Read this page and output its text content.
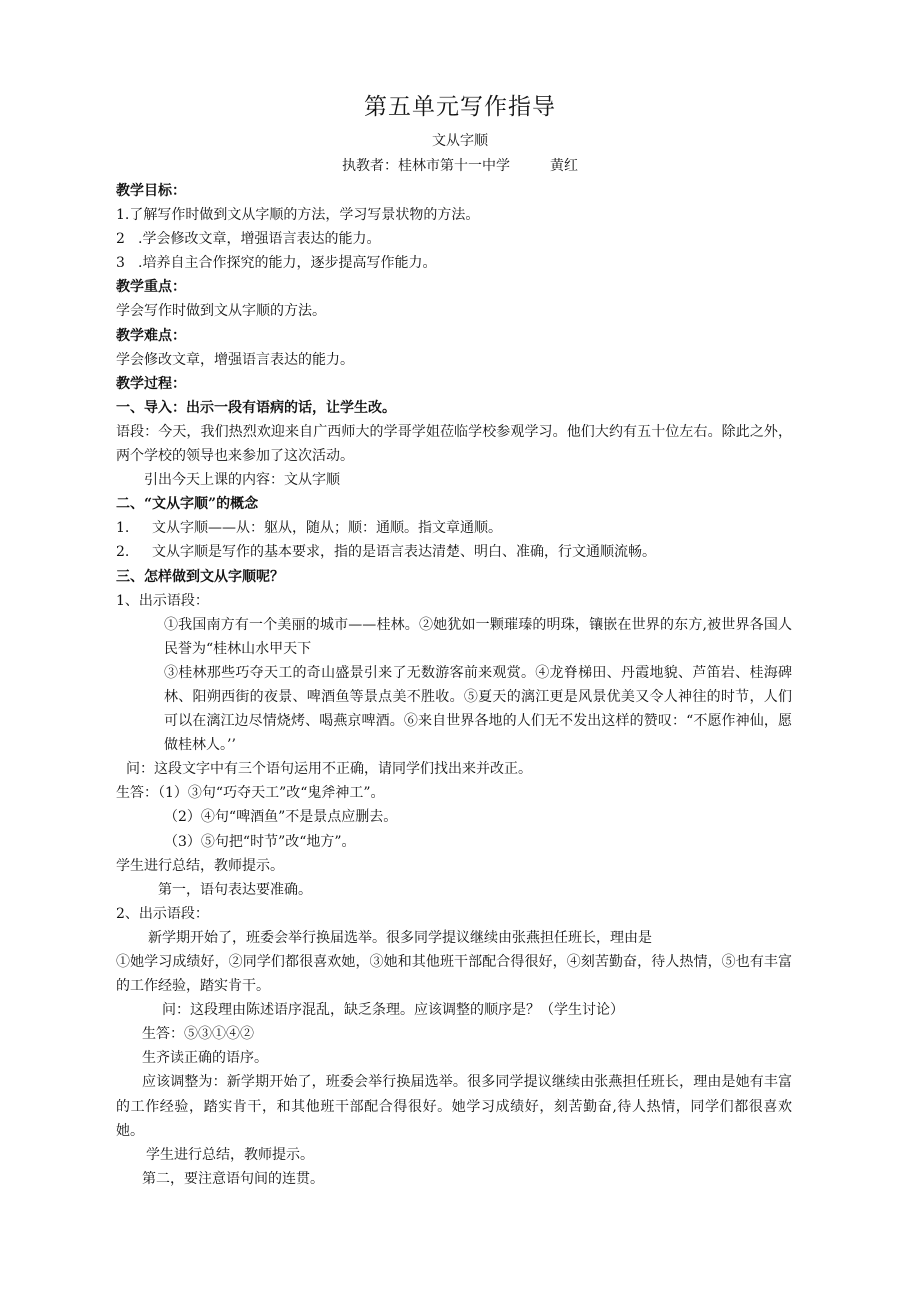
第五单元写作指导
文从字顺
执教者：桂林市第十一中学	黄红

教学目标：

1.了解写作时做到文从字顺的方法，学习写景状物的方法。

2 .学会修改文章，增强语言表达的能力。

3 .培养自主合作探究的能力，逐步提高写作能力。

教学重点：

学会写作时做到文从字顺的方法。

教学难点：

学会修改文章，增强语言表达的能力。

教学过程：

一、导入：出示一段有语病的话，让学生改。

语段：今天，我们热烈欢迎来自广西师大的学哥学姐莅临学校参观学习。他们大约有五十位左右。除此之外，两个学校的领导也来参加了这次活动。

引出今天上课的内容：文从字顺

二、“文从字顺”的概念

1. 文从字顺——从：躯从，随从；顺：通顺。指文章通顺。

2. 文从字顺是写作的基本要求，指的是语言表达清楚、明白、准确，行文通顺流畅。

三、怎样做到文从字顺呢？

1、出示语段：

①我国南方有一个美丽的城市——桂林。②她犹如一颗璀瑧的明珠，镶嵌在世界的东方,被世界各国人民誉为“桂林山水甲天下

③桂林那些巧夺天工的奇山盛景引来了无数游客前来观赏。④龙脊梯田、丹霞地貌、芦笛岩、桂海碑林、阳朔西街的夜景、啤酒鱼等景点美不胜收。⑤夏天的漓江更是风景优美又令人神往的时节，人们可以在漓江边尽情烧烤、喝燕京啤酒。⑥来自世界各地的人们无不发出这样的赞叹：“不愿作神仙，愿做桂林人。’’

问：这段文字中有三个语句运用不正确，请同学们找出来并改正。

生答：（1）③句“巧夺天工”改“鬼斧神工”。

（2）④句“啤酒鱼”不是景点应删去。

（3）⑤句把“时节”改“地方”。

学生进行总结，教师提示。

第一，语句表达要准确。

2、出示语段：

新学期开始了，班委会举行换届选举。很多同学提议继续由张燕担任班长，理由是

①她学习成绩好，②同学们都很喜欢她，③她和其他班干部配合得很好，④刻苦勤奋，待人热情，⑤也有丰富的工作经验，踏实肯干。

问：这段理由陈述语序混乱，缺乏条理。应该调整的顺序是？（学生讨论）

生答：⑤③①④②

生齐读正确的语序。

应该调整为：新学期开始了，班委会举行换届选举。很多同学提议继续由张燕担任班长，理由是她有丰富的工作经验，踏实肯干，和其他班干部配合得很好。她学习成绩好，刻苦勤奋,待人热情，同学们都很喜欢她。

学生进行总结，教师提示。

第二，要注意语句间的连贯。
